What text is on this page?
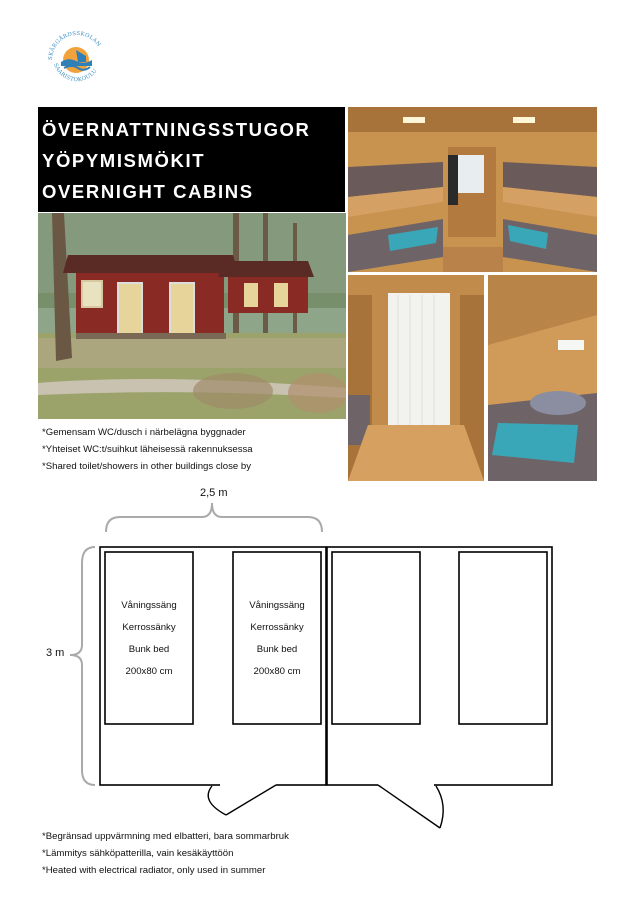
SKÄRGÅRDSSKOLAN
SAARISTOKOULU
ÖVERNATTNINGSSTUGOR
YÖPYMISMÖKIT
OVERNIGHT CABINS
*Gemensam WC/dusch i närbelägna byggnader
*Yhteiset WC:t/suihkut läheisessä rakennuksessa
*Shared toilet/showers in other buildings close by
2,5 m
3 m
Våningssäng
Kerrossänky
Bunk bed
200x80 cm
Våningssäng
Kerrossänky
Bunk bed
200x80 cm
*Begränsad uppvärmning med elbatteri, bara sommarbruk
*Lämmitys sähköpatterilla, vain kesäkäyttöön
*Heated with electrical radiator, only used in summer
